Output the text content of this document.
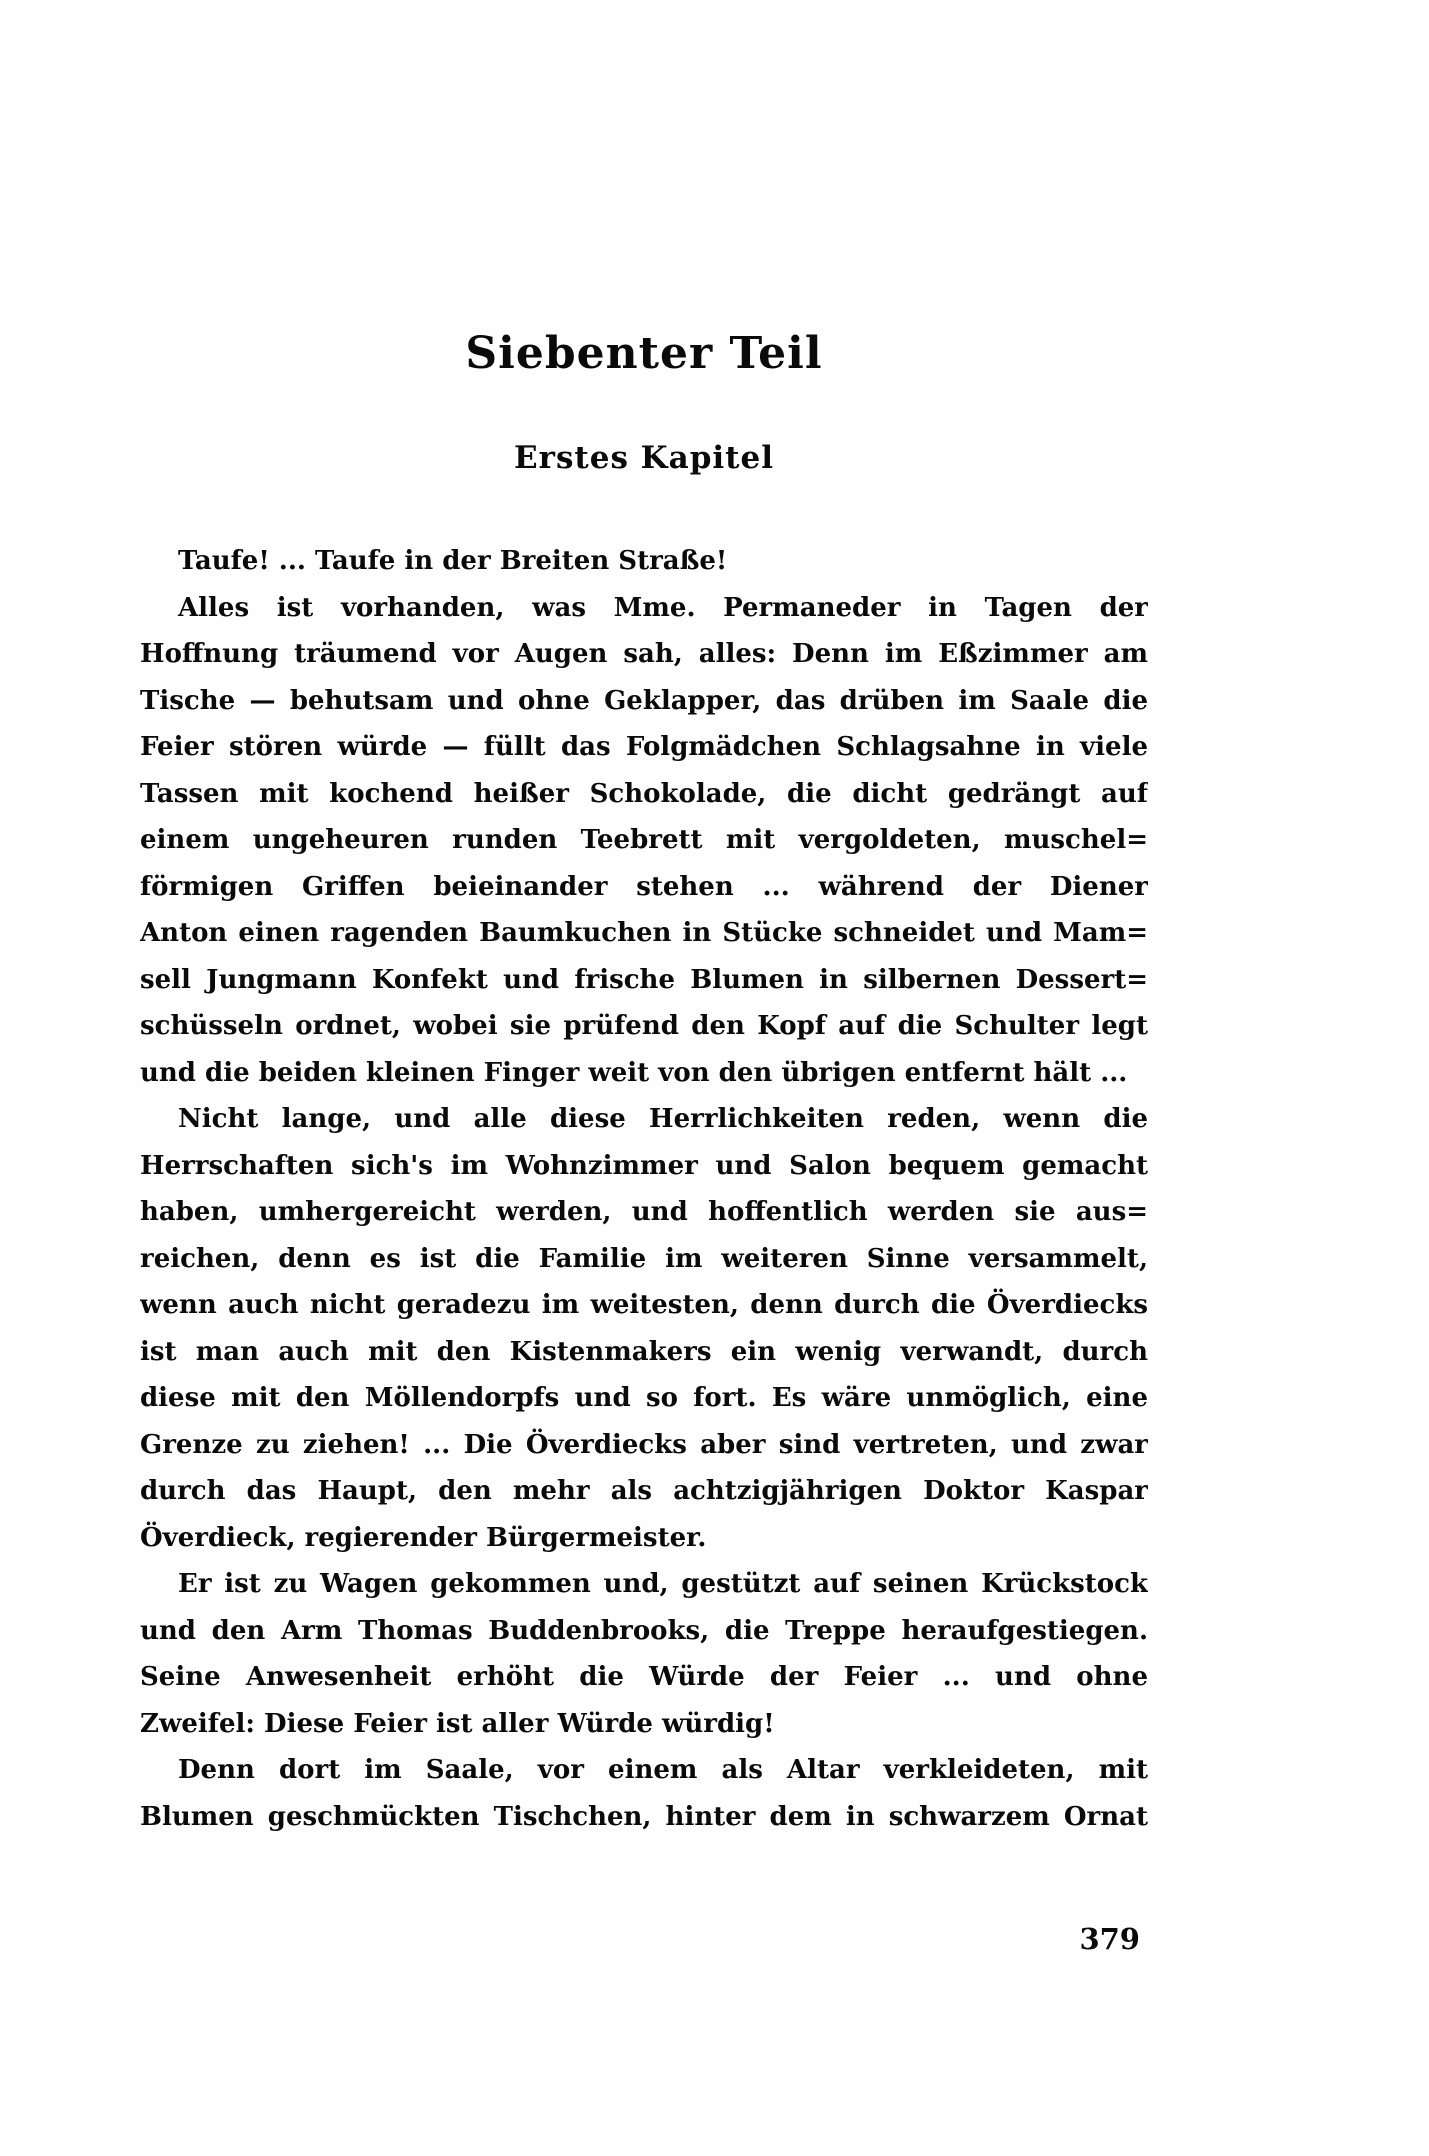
Siebenter Teil
Erstes Kapitel
Taufe! ... Taufe in der Breiten Straße!
Alles ist vorhanden, was Mme. Permaneder in Tagen der
Hoffnung träumend vor Augen sah, alles: Denn im Eßzimmer am
Tische — behutsam und ohne Geklapper, das drüben im Saale die
Feier stören würde — füllt das Folgmädchen Schlagsahne in viele
Tassen mit kochend heißer Schokolade, die dicht gedrängt auf
einem ungeheuren runden Teebrett mit vergoldeten, muschel=
förmigen Griffen beieinander stehen ... während der Diener
Anton einen ragenden Baumkuchen in Stücke schneidet und Mam=
sell Jungmann Konfekt und frische Blumen in silbernen Dessert=
schüsseln ordnet, wobei sie prüfend den Kopf auf die Schulter legt
und die beiden kleinen Finger weit von den übrigen entfernt hält ...
Nicht lange, und alle diese Herrlichkeiten reden, wenn die
Herrschaften sich's im Wohnzimmer und Salon bequem gemacht
haben, umhergereicht werden, und hoffentlich werden sie aus=
reichen, denn es ist die Familie im weiteren Sinne versammelt,
wenn auch nicht geradezu im weitesten, denn durch die Överdiecks
ist man auch mit den Kistenmakers ein wenig verwandt, durch
diese mit den Möllendorpfs und so fort. Es wäre unmöglich, eine
Grenze zu ziehen! ... Die Överdiecks aber sind vertreten, und zwar
durch das Haupt, den mehr als achtzigjährigen Doktor Kaspar
Överdieck, regierender Bürgermeister.
Er ist zu Wagen gekommen und, gestützt auf seinen Krückstock
und den Arm Thomas Buddenbrooks, die Treppe heraufgestiegen.
Seine Anwesenheit erhöht die Würde der Feier ... und ohne
Zweifel: Diese Feier ist aller Würde würdig!
Denn dort im Saale, vor einem als Altar verkleideten, mit
Blumen geschmückten Tischchen, hinter dem in schwarzem Ornat
379
